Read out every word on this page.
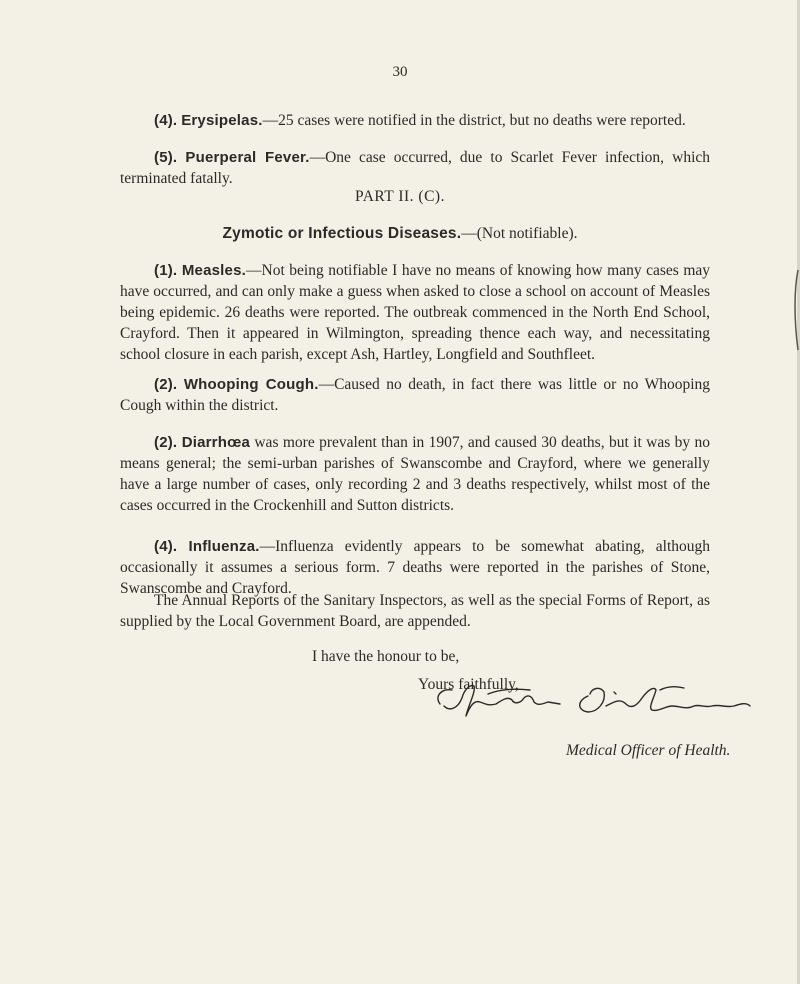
30

(4). Erysipelas.—25 cases were notified in the district, but no deaths were reported.

(5). Puerperal Fever.—One case occurred, due to Scarlet Fever infection, which terminated fatally.

PART II. (C).

Zymotic or Infectious Diseases.—(Not notifiable).

(1). Measles.—Not being notifiable I have no means of knowing how many cases may have occurred, and can only make a guess when asked to close a school on account of Measles being epidemic. 26 deaths were reported. The outbreak commenced in the North End School, Crayford. Then it appeared in Wilmington, spreading thence each way, and necessitating school closure in each parish, except Ash, Hartley, Longfield and Southfleet.

(2). Whooping Cough.—Caused no death, in fact there was little or no Whooping Cough within the district.

(2). Diarrhœa was more prevalent than in 1907, and caused 30 deaths, but it was by no means general; the semi-urban parishes of Swanscombe and Crayford, where we generally have a large number of cases, only recording 2 and 3 deaths respectively, whilst most of the cases occurred in the Crockenhill and Sutton districts.

(4). Influenza.—Influenza evidently appears to be somewhat abating, although occasionally it assumes a serious form. 7 deaths were reported in the parishes of Stone, Swanscombe and Crayford.

The Annual Reports of the Sanitary Inspectors, as well as the special Forms of Report, as supplied by the Local Government Board, are appended.

I have the honour to be,

Yours faithfully,

Medical Officer of Health.
